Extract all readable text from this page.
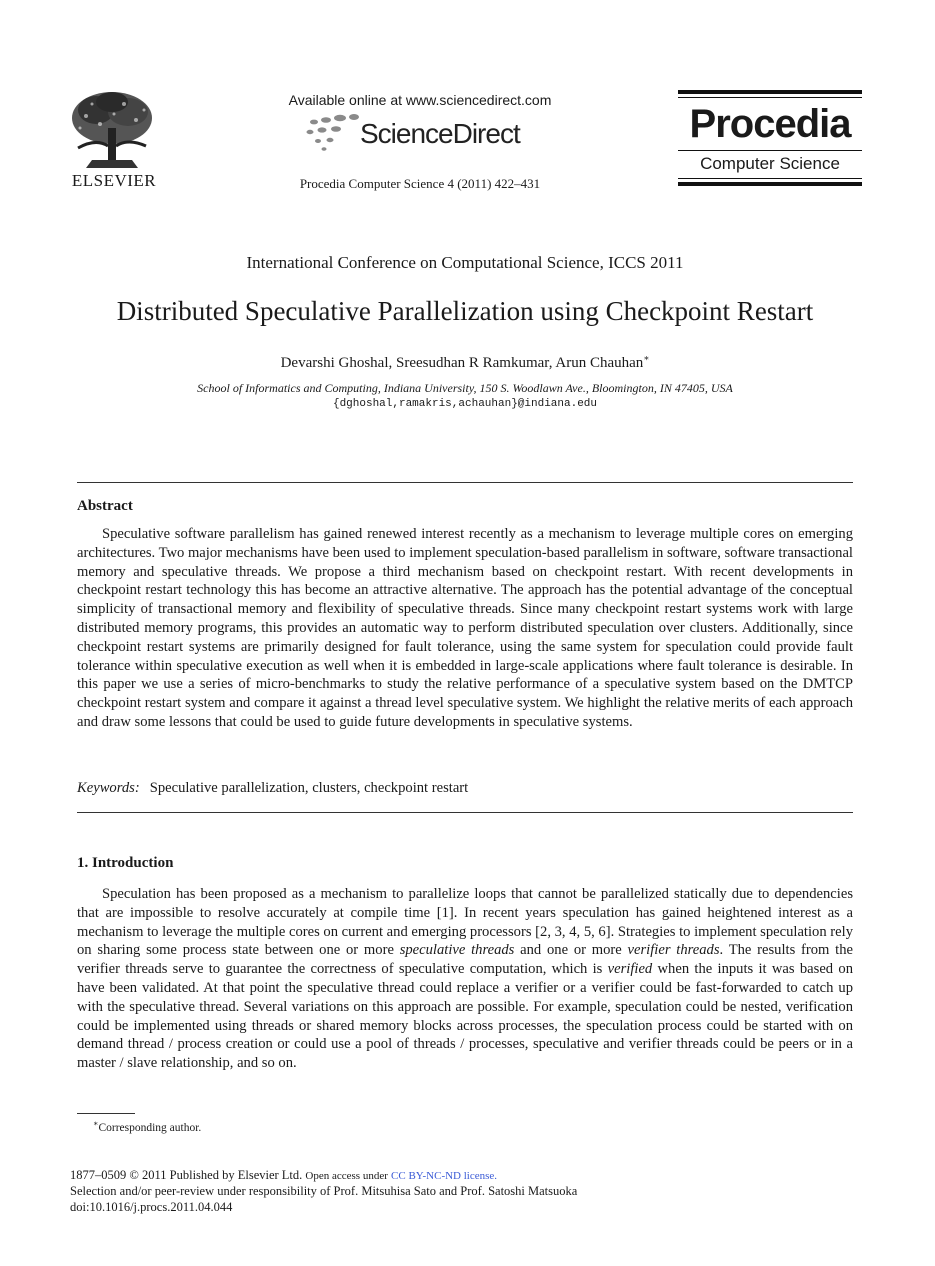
ELSEVIER
Available online at www.sciencedirect.com
ScienceDirect
Procedia Computer Science 4 (2011) 422–431
Procedia
Computer Science
International Conference on Computational Science, ICCS 2011
Distributed Speculative Parallelization using Checkpoint Restart
Devarshi Ghoshal, Sreesudhan R Ramkumar, Arun Chauhan∗
School of Informatics and Computing, Indiana University, 150 S. Woodlawn Ave., Bloomington, IN 47405, USA
{dghoshal,ramakris,achauhan}@indiana.edu
Abstract
Speculative software parallelism has gained renewed interest recently as a mechanism to leverage multiple cores on emerging architectures. Two major mechanisms have been used to implement speculation-based parallelism in software, software transactional memory and speculative threads. We propose a third mechanism based on checkpoint restart. With recent developments in checkpoint restart technology this has become an attractive alternative. The approach has the potential advantage of the conceptual simplicity of transactional memory and flexibility of speculative threads. Since many checkpoint restart systems work with large distributed memory programs, this provides an automatic way to perform distributed speculation over clusters. Additionally, since checkpoint restart systems are primarily designed for fault tolerance, using the same system for speculation could provide fault tolerance within speculative execution as well when it is embedded in large-scale applications where fault tolerance is desirable. In this paper we use a series of micro-benchmarks to study the relative performance of a speculative system based on the DMTCP checkpoint restart system and compare it against a thread level speculative system. We highlight the relative merits of each approach and draw some lessons that could be used to guide future developments in speculative systems.
Keywords: Speculative parallelization, clusters, checkpoint restart
1. Introduction
Speculation has been proposed as a mechanism to parallelize loops that cannot be parallelized statically due to dependencies that are impossible to resolve accurately at compile time [1]. In recent years speculation has gained heightened interest as a mechanism to leverage the multiple cores on current and emerging processors [2, 3, 4, 5, 6]. Strategies to implement speculation rely on sharing some process state between one or more speculative threads and one or more verifier threads. The results from the verifier threads serve to guarantee the correctness of speculative computation, which is verified when the inputs it was based on have been validated. At that point the speculative thread could replace a verifier or a verifier could be fast-forwarded to catch up with the speculative thread. Several variations on this approach are possible. For example, speculation could be nested, verification could be implemented using threads or shared memory blocks across processes, the speculation process could be started with on demand thread / process creation or could use a pool of threads / processes, speculative and verifier threads could be peers or in a master / slave relationship, and so on.
∗Corresponding author.
1877–0509 © 2011 Published by Elsevier Ltd. Open access under CC BY-NC-ND license.
Selection and/or peer-review under responsibility of Prof. Mitsuhisa Sato and Prof. Satoshi Matsuoka
doi:10.1016/j.procs.2011.04.044
